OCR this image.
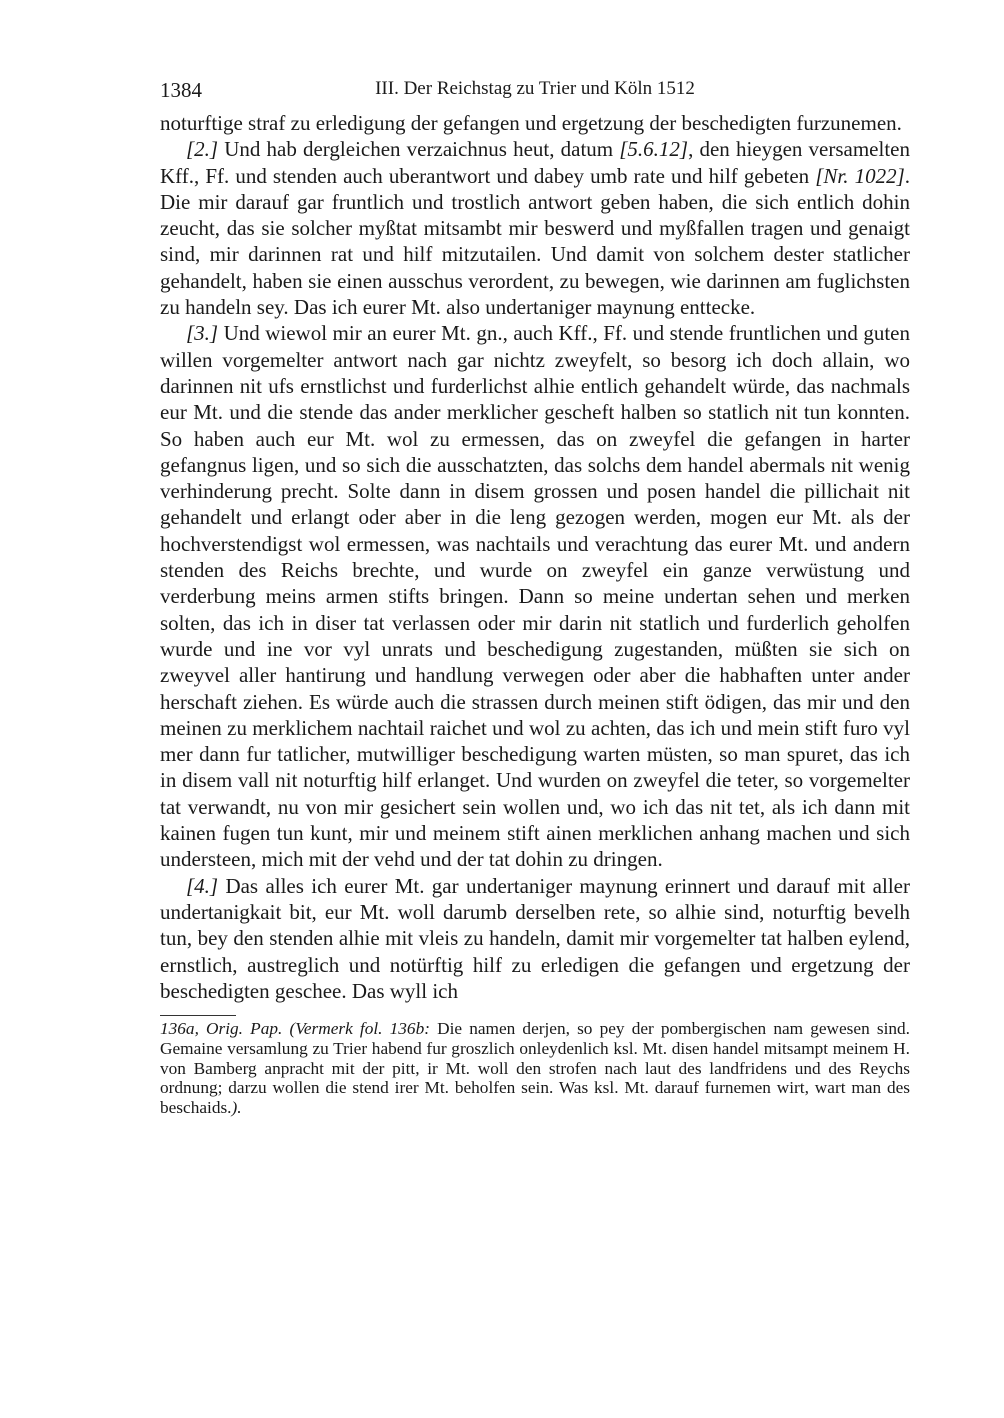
1384	III. Der Reichstag zu Trier und Köln 1512

noturftige straf zu erledigung der gefangen und ergetzung der beschedigten furzunemen.

[2.] Und hab dergleichen verzaichnus heut, datum [5.6.12], den hieygen versamelten Kff., Ff. und stenden auch uberantwort und dabey umb rate und hilf gebeten [Nr. 1022]. Die mir darauf gar fruntlich und trostlich antwort geben haben, die sich entlich dohin zeucht, das sie solcher myßtat mitsambt mir beswerd und myßfallen tragen und genaigt sind, mir darinnen rat und hilf mitzutailen. Und damit von solchem dester statlicher gehandelt, haben sie einen ausschus verordent, zu bewegen, wie darinnen am fuglichsten zu handeln sey. Das ich eurer Mt. also undertaniger maynung enttecke.

[3.] Und wiewol mir an eurer Mt. gn., auch Kff., Ff. und stende fruntlichen und guten willen vorgemelter antwort nach gar nichtz zweyfelt, so besorg ich doch allain, wo darinnen nit ufs ernstlichst und furderlichst alhie entlich gehandelt würde, das nachmals eur Mt. und die stende das ander merklicher gescheft halben so statlich nit tun konnten. So haben auch eur Mt. wol zu ermessen, das on zweyfel die gefangen in harter gefangnus ligen, und so sich die ausschatzten, das solchs dem handel abermals nit wenig verhinderung precht. Solte dann in disem grossen und posen handel die pillichait nit gehandelt und erlangt oder aber in die leng gezogen werden, mogen eur Mt. als der hochverstendigst wol ermessen, was nachtails und verachtung das eurer Mt. und andern stenden des Reichs brechte, und wurde on zweyfel ein ganze verwüstung und verderbung meins armen stifts bringen. Dann so meine undertan sehen und merken solten, das ich in diser tat verlassen oder mir darin nit statlich und furderlich geholfen wurde und ine vor vyl unrats und beschedigung zugestanden, müßten sie sich on zweyvel aller hantirung und handlung verwegen oder aber die habhaften unter ander herschaft ziehen. Es würde auch die strassen durch meinen stift ödigen, das mir und den meinen zu merklichem nachtail raichet und wol zu achten, das ich und mein stift furo vyl mer dann fur tatlicher, mutwilliger beschedigung warten müsten, so man spuret, das ich in disem vall nit noturftig hilf erlanget. Und wurden on zweyfel die teter, so vorgemelter tat verwandt, nu von mir gesichert sein wollen und, wo ich das nit tet, als ich dann mit kainen fugen tun kunt, mir und meinem stift ainen merklichen anhang machen und sich understeen, mich mit der vehd und der tat dohin zu dringen.

[4.] Das alles ich eurer Mt. gar undertaniger maynung erinnert und darauf mit aller undertanigkait bit, eur Mt. woll darumb derselben rete, so alhie sind, noturftig bevelh tun, bey den stenden alhie mit vleis zu handeln, damit mir vorgemelter tat halben eylend, ernstlich, austreglich und notürftig hilf zu erledigen die gefangen und ergetzung der beschedigten geschee. Das wyll ich

136a, Orig. Pap. (Vermerk fol. 136b: Die namen derjen, so pey der pombergischen nam gewesen sind. Gemaine versamlung zu Trier habend fur groszlich onleydenlich ksl. Mt. disen handel mitsampt meinem H. von Bamberg anpracht mit der pitt, ir Mt. woll den strofen nach laut des landfridens und des Reychs ordnung; darzu wollen die stend irer Mt. beholfen sein. Was ksl. Mt. darauf furnemen wirt, wart man des beschaids.).
